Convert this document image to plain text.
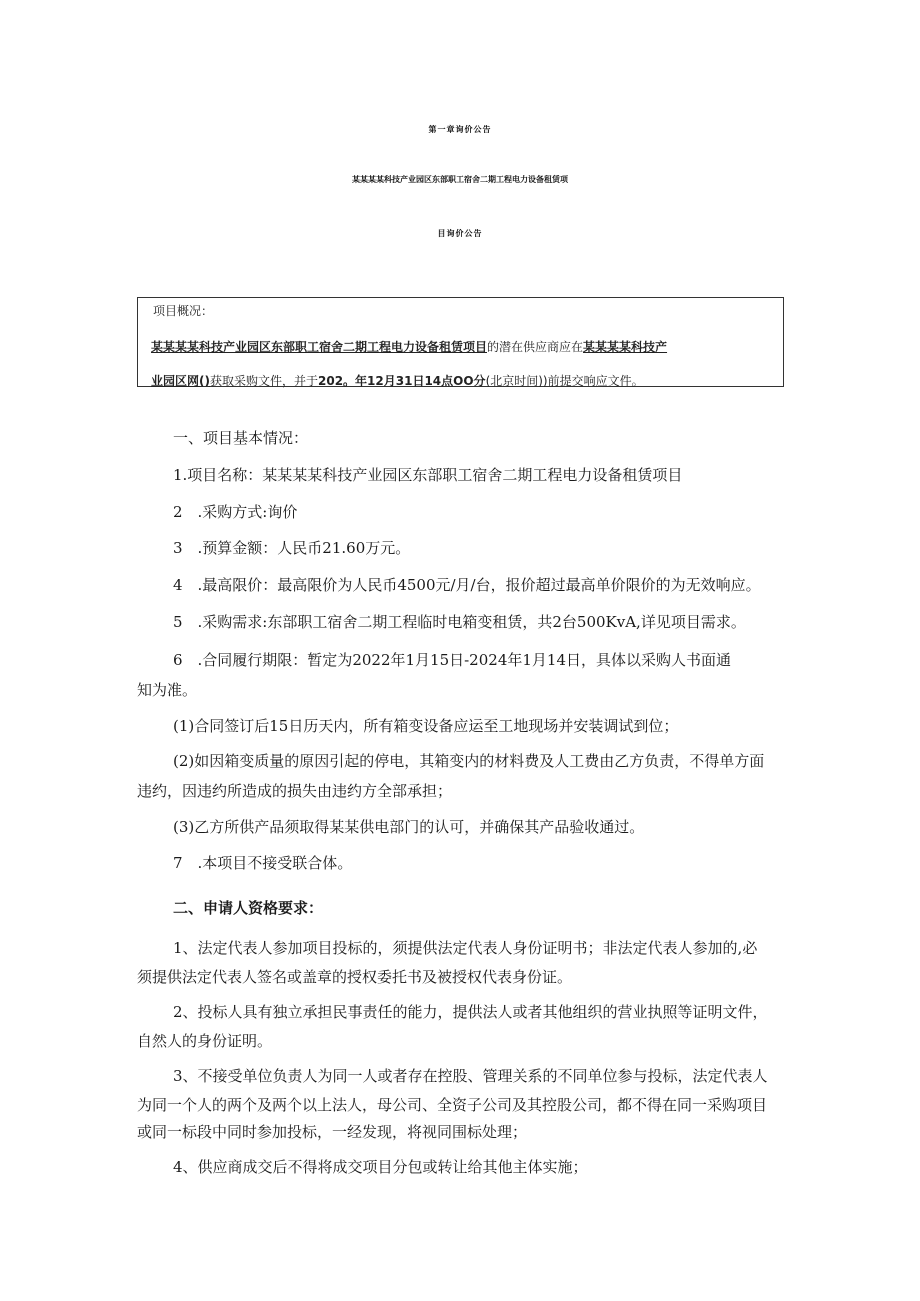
第一章询价公告
某某某某科技产业园区东部职工宿舍二期工程电力设备租赁项
目询价公告
项目概况：
某某某某科技产业园区东部职工宿舍二期工程电力设备租赁项目的潜在供应商应在某某某某科技产
业园区网()获取采购文件，并于202。年12月31日14点OO分(北京时间))前提交响应文件。
一、项目基本情况：
1.项目名称：某某某某科技产业园区东部职工宿舍二期工程电力设备租赁项目
2　.采购方式:询价
3　.预算金额：人民币21.60万元。
4　.最高限价：最高限价为人民币4500元/月/台，报价超过最高单价限价的为无效响应。
5　.采购需求:东部职工宿舍二期工程临时电箱变租赁，共2台500KvA,详见项目需求。
6　.合同履行期限：暂定为2022年1月15日-2024年1月14日，具体以采购人书面通
知为准。
(1)合同签订后15日历天内，所有箱变设备应运至工地现场并安装调试到位；
(2)如因箱变质量的原因引起的停电，其箱变内的材料费及人工费由乙方负责，不得单方面
违约，因违约所造成的损失由违约方全部承担；
(3)乙方所供产品须取得某某供电部门的认可，并确保其产品验收通过。
7　.本项目不接受联合体。
二、申请人资格要求：
1、法定代表人参加项目投标的，须提供法定代表人身份证明书；非法定代表人参加的,必
须提供法定代表人签名或盖章的授权委托书及被授权代表身份证。
2、投标人具有独立承担民事责任的能力，提供法人或者其他组织的营业执照等证明文件，
自然人的身份证明。
3、不接受单位负责人为同一人或者存在控股、管理关系的不同单位参与投标，法定代表人
为同一个人的两个及两个以上法人，母公司、全资子公司及其控股公司，都不得在同一采购项目
或同一标段中同时参加投标，一经发现，将视同围标处理；
4、供应商成交后不得将成交项目分包或转让给其他主体实施；
